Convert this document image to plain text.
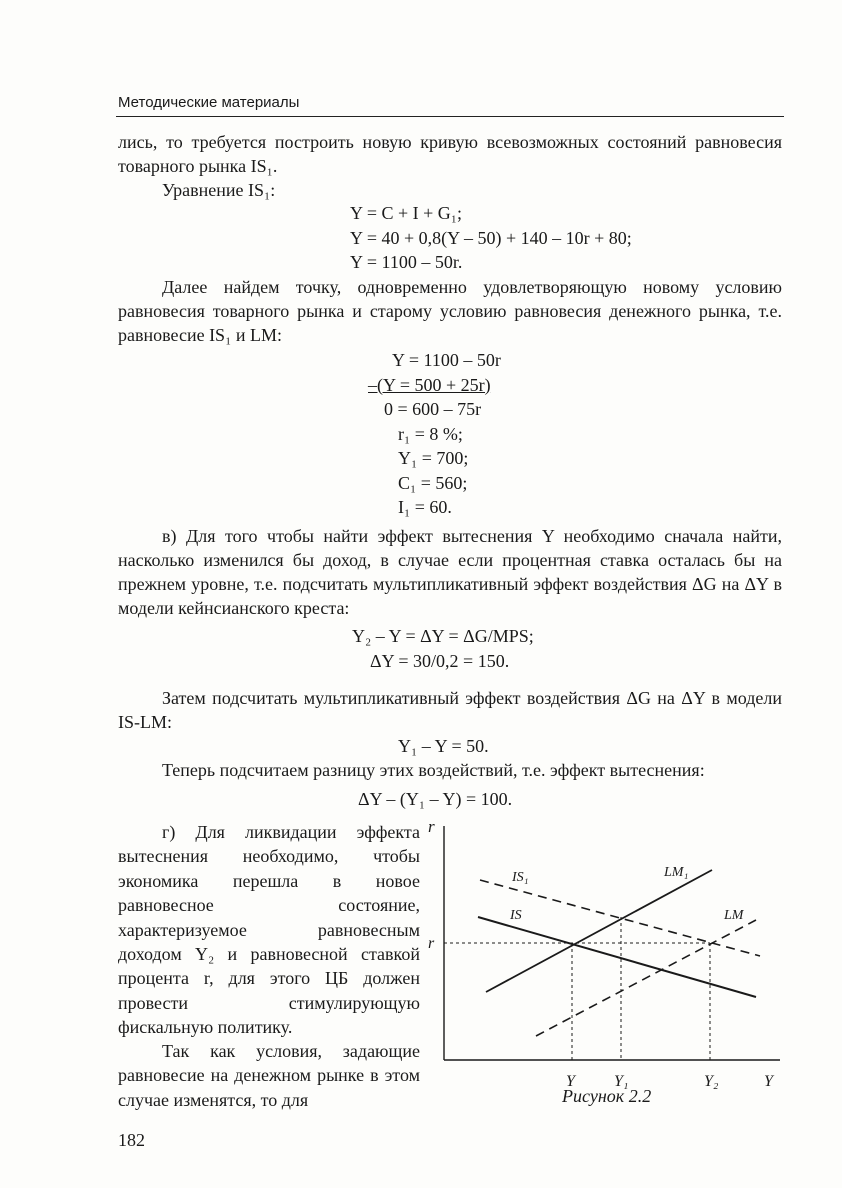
Методические материалы

лись, то требуется построить новую кривую всевозможных состояний равновесия товарного рынка IS₁.

Уравнение IS₁:

Y = C + I + G₁;
Y = 40 + 0,8(Y – 50) + 140 – 10r + 80;
Y = 1100 – 50r.

Далее найдем точку, одновременно удовлетворяющую новому условию равновесия товарного рынка и старому условию равновесия денежного рынка, т.е. равновесие IS₁ и LM:

Y = 1100 – 50r
–(Y = 500 + 25r)
0 = 600 – 75r
r₁ = 8 %;
Y₁ = 700;
C₁ = 560;
I₁ = 60.

в) Для того чтобы найти эффект вытеснения Y необходимо сначала найти, насколько изменился бы доход, в случае если процентная ставка осталась бы на прежнем уровне, т.е. подсчитать мультипликативный эффект воздействия ΔG на ΔY в модели кейнсианского креста:

Y₂ – Y = ΔY = ΔG/MPS;
ΔY = 30/0,2 = 150.

Затем подсчитать мультипликативный эффект воздействия ΔG на ΔY в модели IS-LM:

Y₁ – Y = 50.

Теперь подсчитаем разницу этих воздействий, т.е. эффект вытеснения:

ΔY – (Y₁ – Y) = 100.

г) Для ликвидации эффекта вытеснения необходимо, чтобы экономика перешла в новое равновесное состояние, характеризуемое равновесным доходом Y₂ и равновесной ставкой процента r, для этого ЦБ должен провести стимулирующую фискальную политику.

Так как условия, задающие равновесие на денежном рынке в этом случае изменятся, то для

r
Y
r
IS₁
IS
LM₁
LM
Y Y₁	Y₂
Рисунок 2.2
182
